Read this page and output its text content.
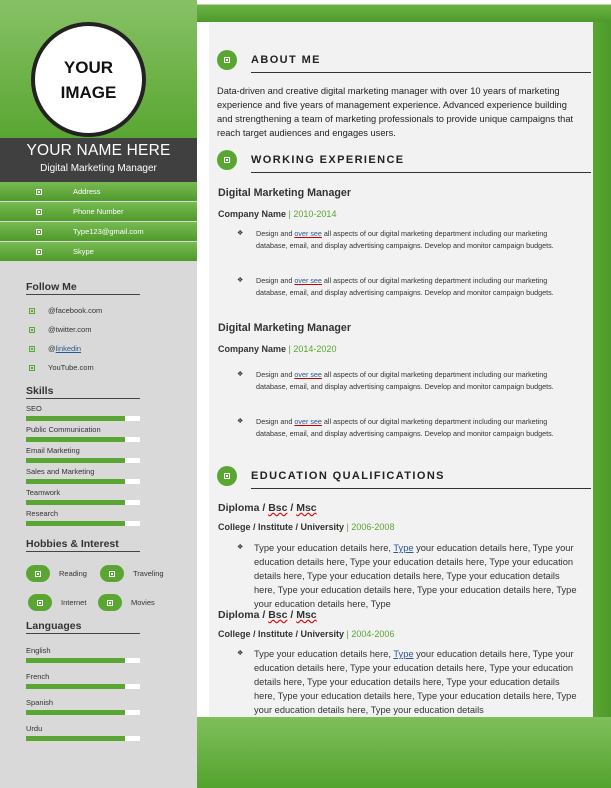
YOUR
IMAGE
YOUR NAME HERE
Digital Marketing Manager
Address
Phone Number
Type123@gmail.com
Skype
Follow Me
@facebook.com
@twitter.com
@ linkedin
YouTube.com
Skills
SEO
Public Communication
Email Marketing
Sales and Marketing
Teamwork
Research
Hobbies & Interest
Reading	Traveling
Internet	Movies
Languages
English
French
Spanish
Urdu
ABOUT ME
Data-driven and creative digital marketing manager with over 10 years of marketing experience and five years of management experience. Advanced experience building and strengthening a team of marketing professionals to provide unique campaigns that reach target audiences and engages users.
WORKING EXPERIENCE
Digital Marketing Manager
Company Name | 2010-2014
❖ Design and over see all aspects of our digital marketing department including our marketing database, email, and display advertising campaigns. Develop and monitor campaign budgets.
❖ Design and over see all aspects of our digital marketing department including our marketing database, email, and display advertising campaigns. Develop and monitor campaign budgets.
Digital Marketing Manager
Company Name | 2014-2020
❖ Design and over see all aspects of our digital marketing department including our marketing database, email, and display advertising campaigns. Develop and monitor campaign budgets.
❖ Design and over see all aspects of our digital marketing department including our marketing database, email, and display advertising campaigns. Develop and monitor campaign budgets.
EDUCATION QUALIFICATIONS
Diploma / Bsc / Msc
College / Institute / University | 2006-2008
❖ Type your education details here, Type your education details here, Type your education details here, Type your education details here, Type your education details here, Type your education details here, Type your education details here, Type your education details here, Type your education details here, Type your education details here, Type
Diploma / Bsc / Msc
College / Institute / University | 2004-2006
❖ Type your education details here, Type your education details here, Type your education details here, Type your education details here, Type your education details here, Type your education details here, Type your education details here, Type your education details here, Type your education details here, Type your education details here, Type your education details
